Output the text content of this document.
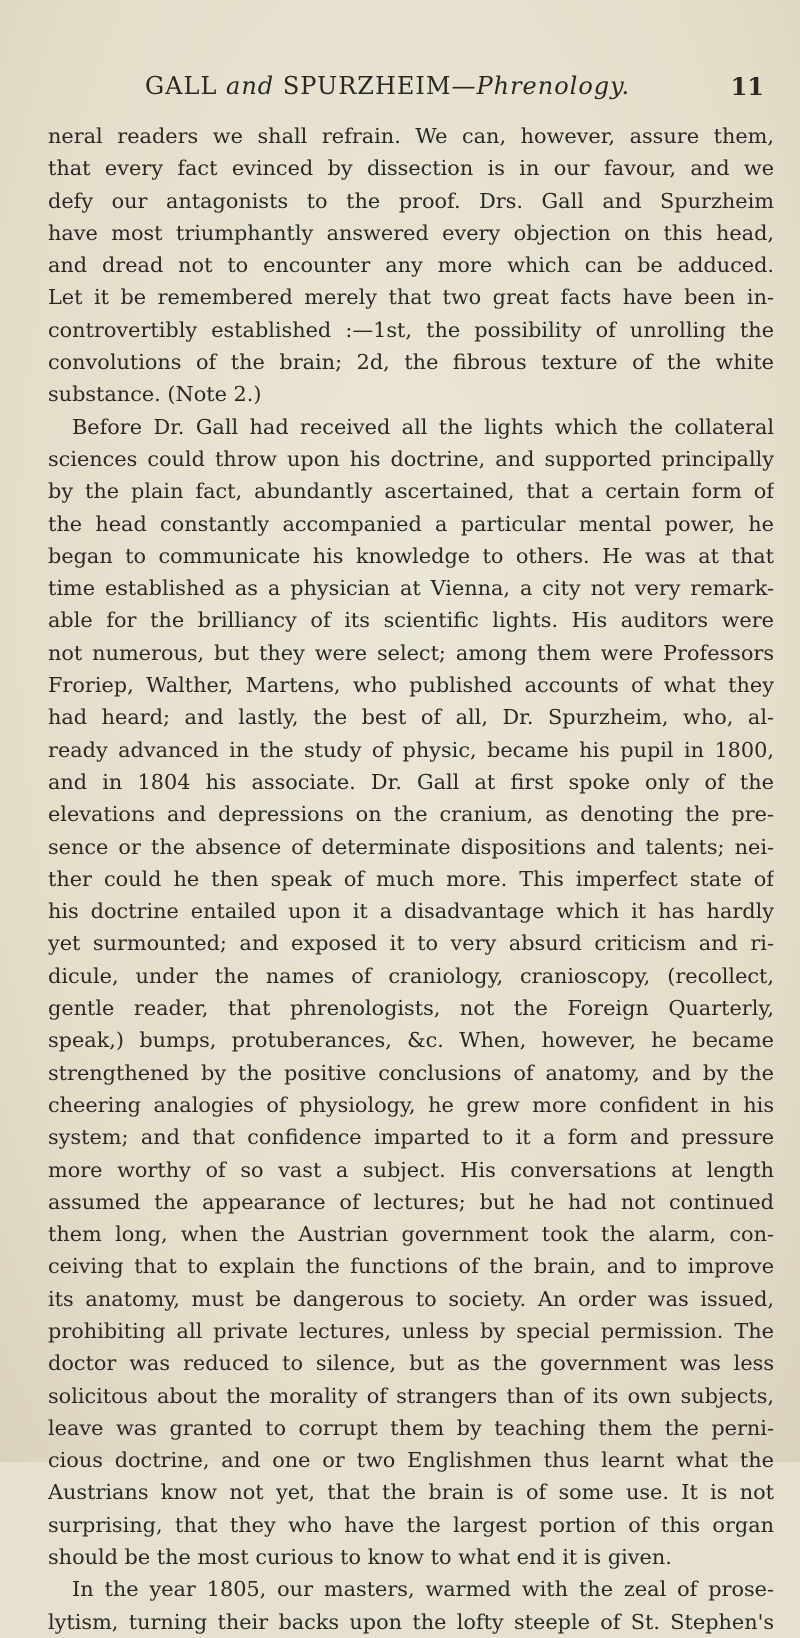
GALL and SPURZHEIM—Phrenology.	11
neral readers we shall refrain. We can, however, assure them,
that every fact evinced by dissection is in our favour, and we
defy our antagonists to the proof. Drs. Gall and Spurzheim
have most triumphantly answered every objection on this head,
and dread not to encounter any more which can be adduced.
Let it be remembered merely that two great facts have been in-
controvertibly established :—1st, the possibility of unrolling the
convolutions of the brain; 2d, the fibrous texture of the white
substance. (Note 2.)
Before Dr. Gall had received all the lights which the collateral
sciences could throw upon his doctrine, and supported principally
by the plain fact, abundantly ascertained, that a certain form of
the head constantly accompanied a particular mental power, he
began to communicate his knowledge to others. He was at that
time established as a physician at Vienna, a city not very remark-
able for the brilliancy of its scientific lights. His auditors were
not numerous, but they were select; among them were Professors
Froriep, Walther, Martens, who published accounts of what they
had heard; and lastly, the best of all, Dr. Spurzheim, who, al-
ready advanced in the study of physic, became his pupil in 1800,
and in 1804 his associate. Dr. Gall at first spoke only of the
elevations and depressions on the cranium, as denoting the pre-
sence or the absence of determinate dispositions and talents; nei-
ther could he then speak of much more. This imperfect state of
his doctrine entailed upon it a disadvantage which it has hardly
yet surmounted; and exposed it to very absurd criticism and ri-
dicule, under the names of craniology, cranioscopy, (recollect,
gentle reader, that phrenologists, not the Foreign Quarterly,
speak,) bumps, protuberances, &c. When, however, he became
strengthened by the positive conclusions of anatomy, and by the
cheering analogies of physiology, he grew more confident in his
system; and that confidence imparted to it a form and pressure
more worthy of so vast a subject. His conversations at length
assumed the appearance of lectures; but he had not continued
them long, when the Austrian government took the alarm, con-
ceiving that to explain the functions of the brain, and to improve
its anatomy, must be dangerous to society. An order was issued,
prohibiting all private lectures, unless by special permission. The
doctor was reduced to silence, but as the government was less
solicitous about the morality of strangers than of its own subjects,
leave was granted to corrupt them by teaching them the perni-
cious doctrine, and one or two Englishmen thus learnt what the
Austrians know not yet, that the brain is of some use. It is not
surprising, that they who have the largest portion of this organ
should be the most curious to know to what end it is given.
In the year 1805, our masters, warmed with the zeal of prose-
lytism, turning their backs upon the lofty steeple of St. Stephen's
